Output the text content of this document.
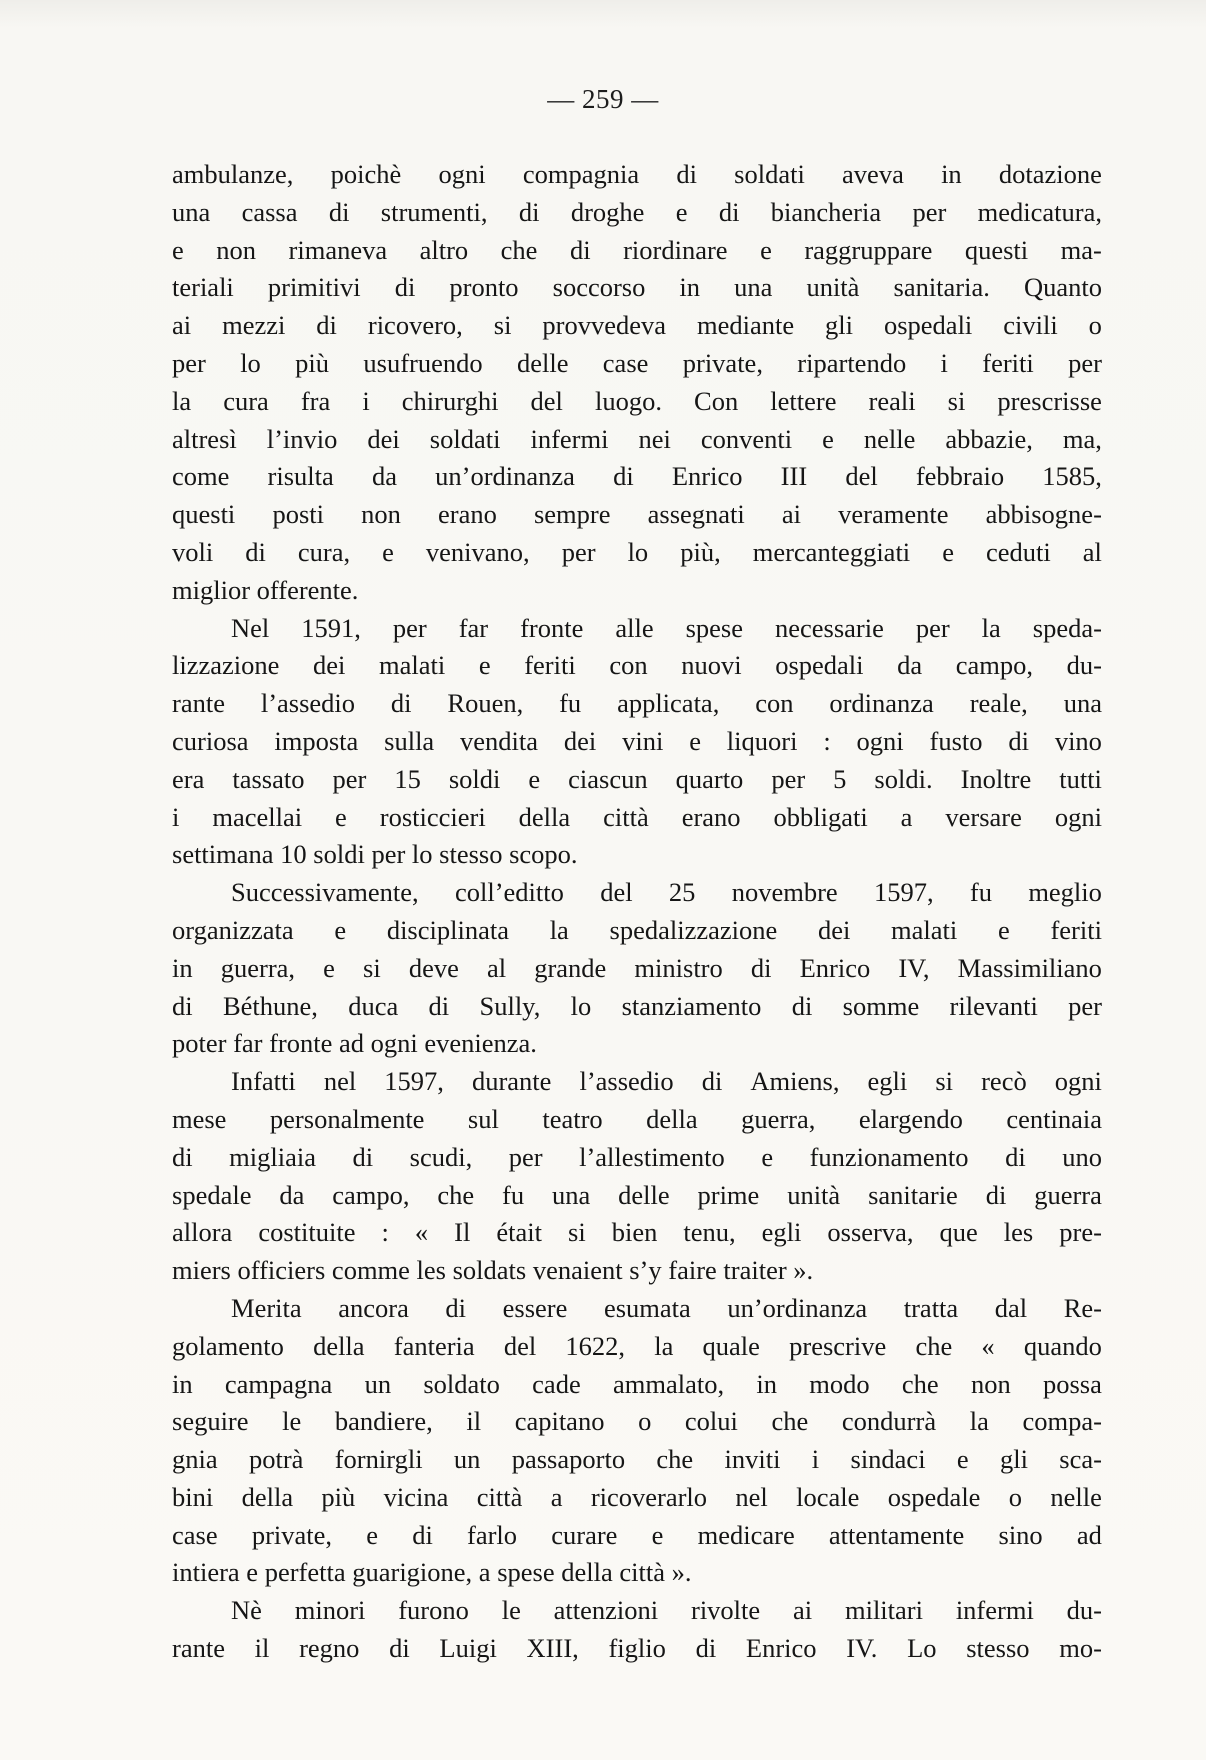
— 259 —
ambulanze, poichè ogni compagnia di soldati aveva in dotazione
una cassa di strumenti, di droghe e di biancheria per medicatura,
e non rimaneva altro che di riordinare e raggruppare questi ma-
teriali primitivi di pronto soccorso in una unità sanitaria. Quanto
ai mezzi di ricovero, si provvedeva mediante gli ospedali civili o
per lo più usufruendo delle case private, ripartendo i feriti per
la cura fra i chirurghi del luogo. Con lettere reali si prescrisse
altresì l’invio dei soldati infermi nei conventi e nelle abbazie, ma,
come risulta da un’ordinanza di Enrico III del febbraio 1585,
questi posti non erano sempre assegnati ai veramente abbisogne-
voli di cura, e venivano, per lo più, mercanteggiati e ceduti al
miglior offerente.
Nel 1591, per far fronte alle spese necessarie per la speda-
lizzazione dei malati e feriti con nuovi ospedali da campo, du-
rante l’assedio di Rouen, fu applicata, con ordinanza reale, una
curiosa imposta sulla vendita dei vini e liquori : ogni fusto di vino
era tassato per 15 soldi e ciascun quarto per 5 soldi. Inoltre tutti
i macellai e rosticcieri della città erano obbligati a versare ogni
settimana 10 soldi per lo stesso scopo.
Successivamente, coll’editto del 25 novembre 1597, fu meglio
organizzata e disciplinata la spedalizzazione dei malati e feriti
in guerra, e si deve al grande ministro di Enrico IV, Massimiliano
di Béthune, duca di Sully, lo stanziamento di somme rilevanti per
poter far fronte ad ogni evenienza.
Infatti nel 1597, durante l’assedio di Amiens, egli si recò ogni
mese personalmente sul teatro della guerra, elargendo centinaia
di migliaia di scudi, per l’allestimento e funzionamento di uno
spedale da campo, che fu una delle prime unità sanitarie di guerra
allora costituite : « Il était si bien tenu, egli osserva, que les pre-
miers officiers comme les soldats venaient s’y faire traiter ».
Merita ancora di essere esumata un’ordinanza tratta dal Re-
golamento della fanteria del 1622, la quale prescrive che « quando
in campagna un soldato cade ammalato, in modo che non possa
seguire le bandiere, il capitano o colui che condurrà la compa-
gnia potrà fornirgli un passaporto che inviti i sindaci e gli sca-
bini della più vicina città a ricoverarlo nel locale ospedale o nelle
case private, e di farlo curare e medicare attentamente sino ad
intiera e perfetta guarigione, a spese della città ».
Nè minori furono le attenzioni rivolte ai militari infermi du-
rante il regno di Luigi XIII, figlio di Enrico IV. Lo stesso mo-
